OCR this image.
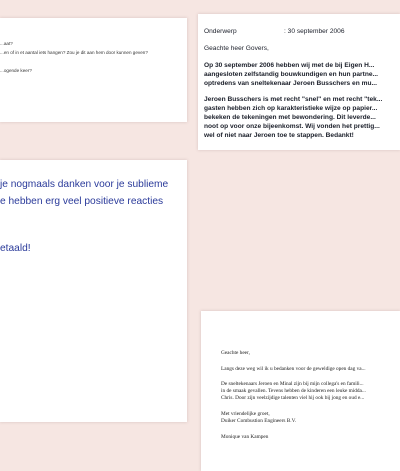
...aat?
...en of in et aantal iets hangen? Zou je dit aan hem door kunnen geven?
...ogende keer?
Onderwerp	: 30 september 2006
Geachte heer Govers,
Op 30 september 2006 hebben wij met de bij Eigen H...
aangesloten zelfstandig bouwkundigen en hun partne...
optredens van sneltekenaar Jeroen Busschers en mu...
Jeroen Busschers is met recht "snel" en met recht "tek...
gasten hebben zich op karakteristieke wijze op papier...
bekeken de tekeningen met bewondering. Dit leverde...
noot op voor onze bijeenkomst. Wij vonden het prettig...
wel of niet naar Jeroen toe te stappen. Bedankt!
je nogmaals danken voor je sublieme
e hebben erg veel positieve reacties
etaald!
Geachte heer,
Langs deze weg wil ik u bedanken voor de geweldige open dag va...
De sneltekenaars Jeroen en Minal zijn bij mijn collega's en famili...
in de smaak gevallen. Tevens hebben de kinderen een leuke midda...
Chris. Door zijn veelzijdige talenten viel hij ook bij jong en oud e...
Met vriendelijke groet,
Duiker Combustion Engineers B.V.
Monique van Kampen
